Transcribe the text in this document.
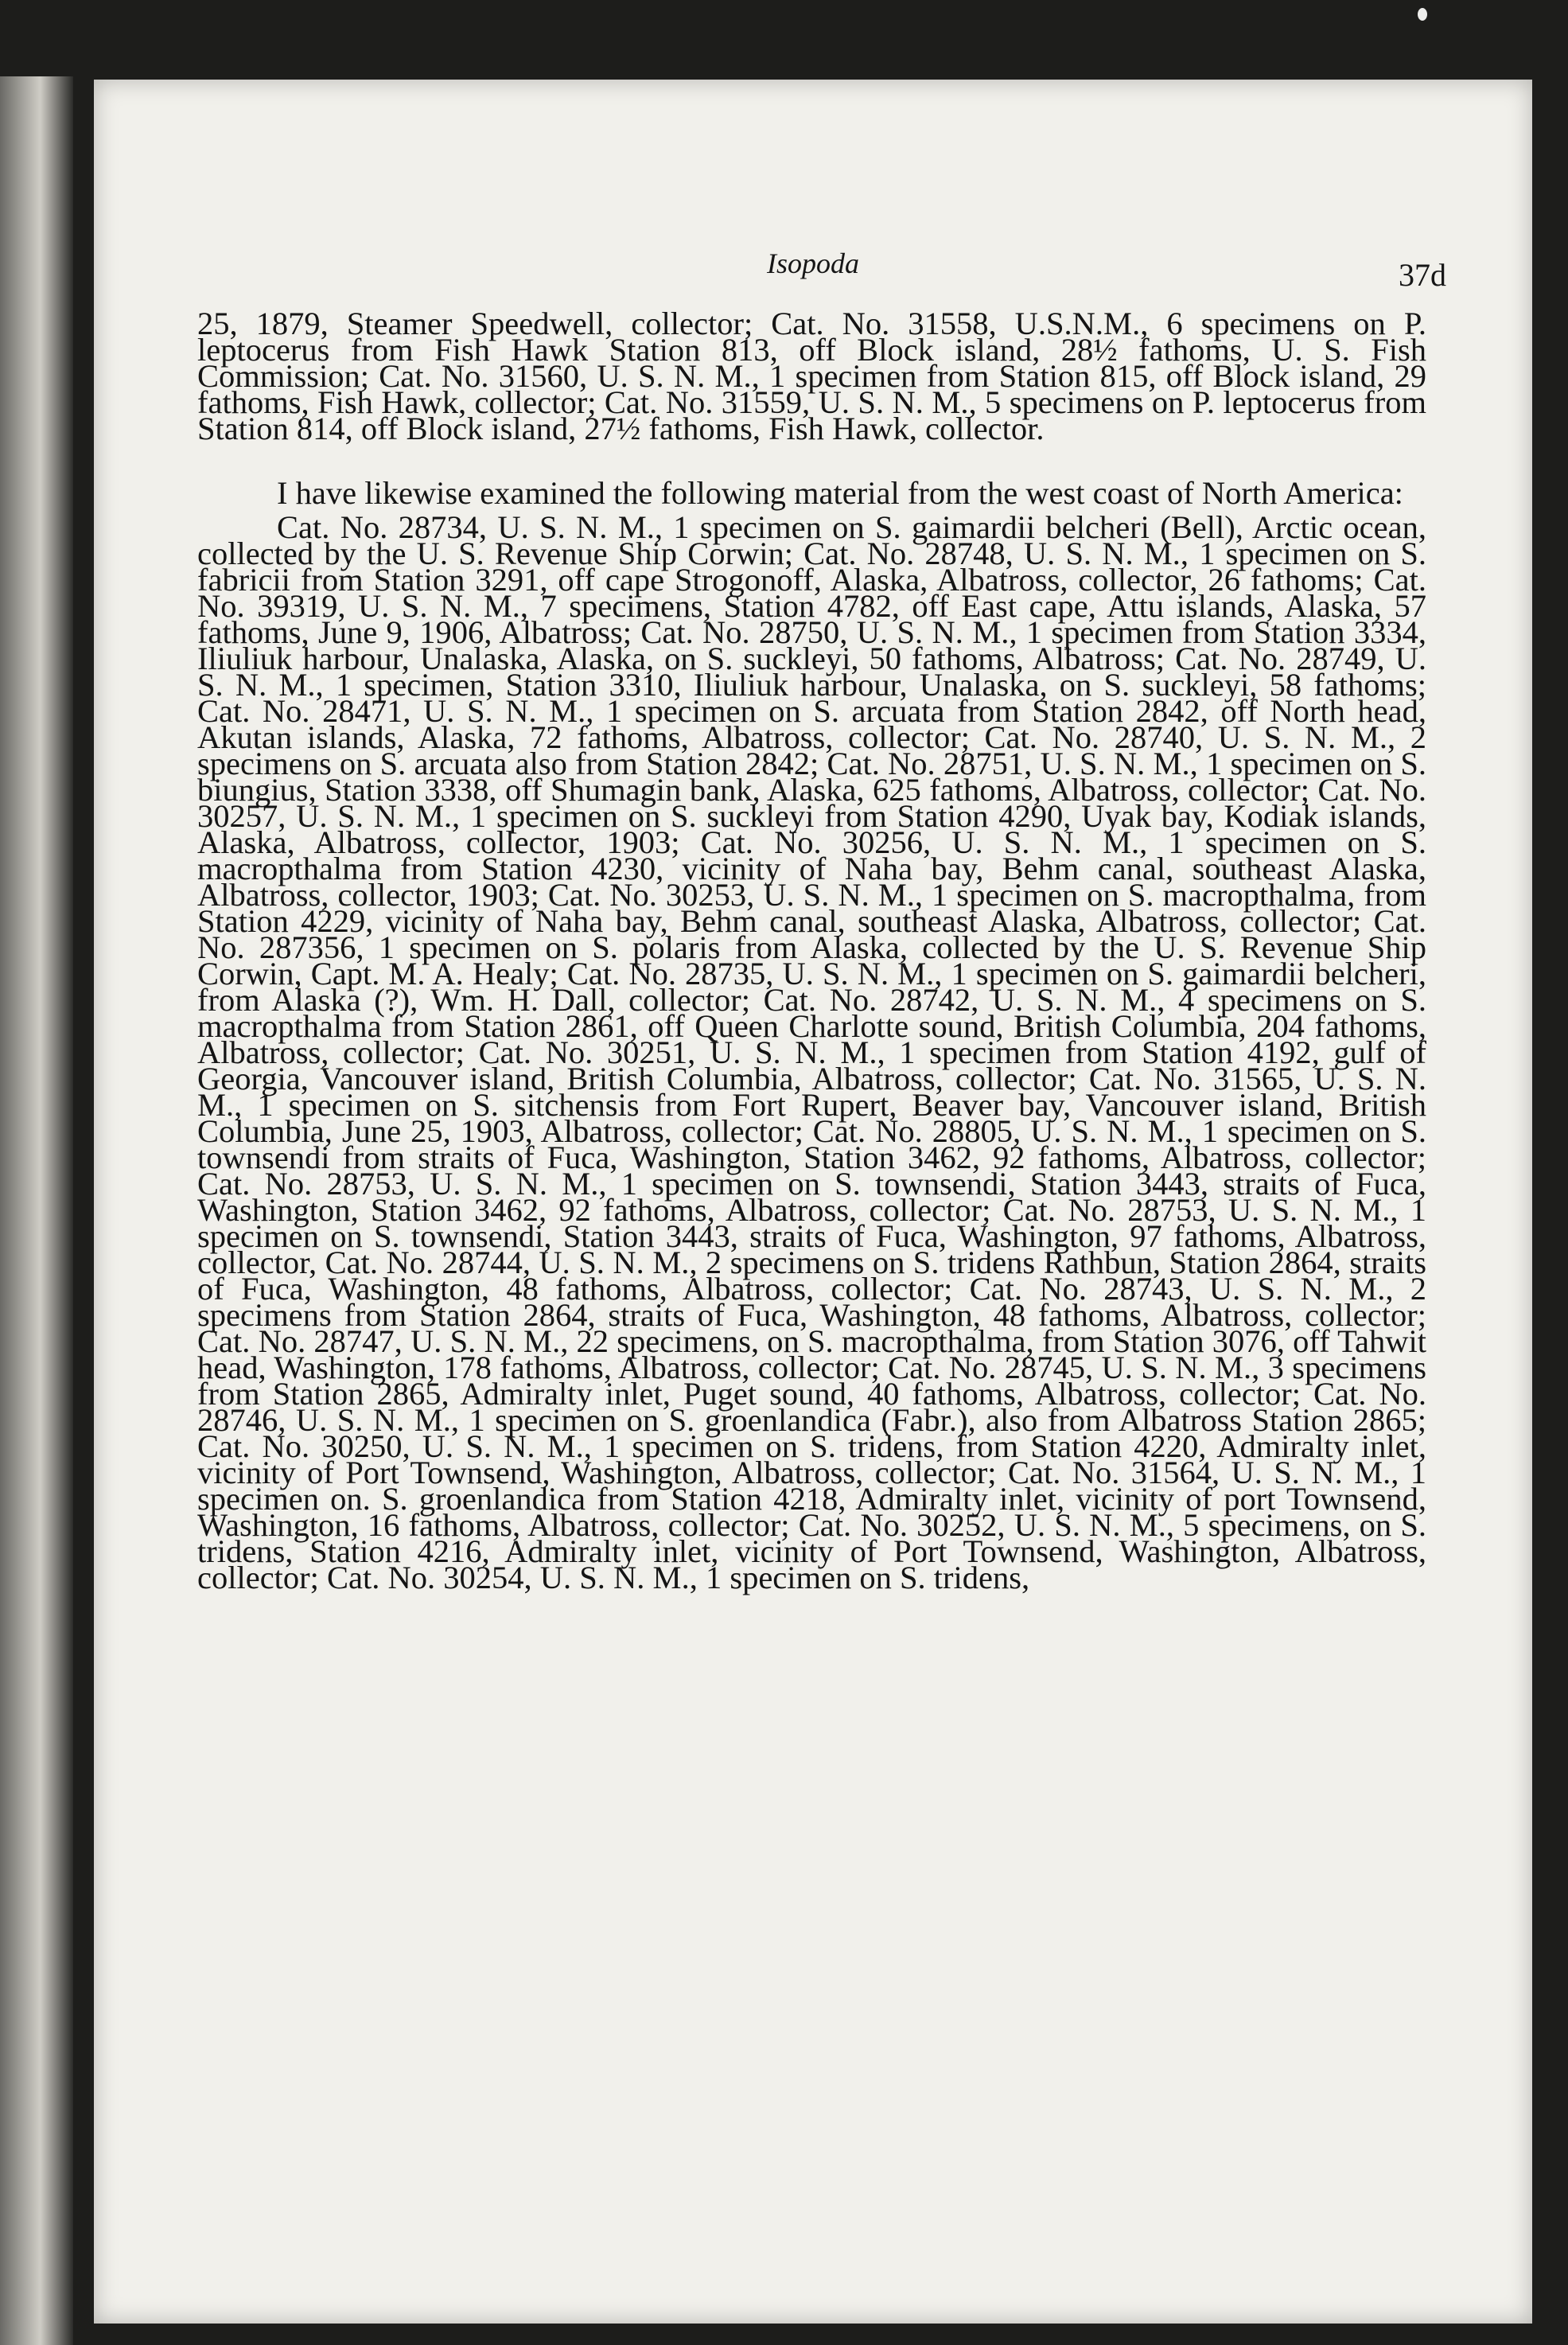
Isopoda	37d

25, 1879, Steamer Speedwell, collector; Cat. No. 31558, U.S.N.M., 6 specimens on P. leptocerus from Fish Hawk Station 813, off Block island, 28½ fathoms, U. S. Fish Commission; Cat. No. 31560, U. S. N. M., 1 specimen from Station 815, off Block island, 29 fathoms, Fish Hawk, collector; Cat. No. 31559, U. S. N. M., 5 specimens on P. leptocerus from Station 814, off Block island, 27½ fathoms, Fish Hawk, collector.

I have likewise examined the following material from the west coast of North America:

Cat. No. 28734, U. S. N. M., 1 specimen on S. gaimardii belcheri (Bell), Arctic ocean, collected by the U. S. Revenue Ship Corwin; Cat. No. 28748, U. S. N. M., 1 specimen on S. fabricii from Station 3291, off cape Strogonoff, Alaska, Albatross, collector, 26 fathoms; Cat. No. 39319, U. S. N. M., 7 specimens, Station 4782, off East cape, Attu islands, Alaska, 57 fathoms, June 9, 1906, Albatross; Cat. No. 28750, U. S. N. M., 1 specimen from Station 3334, Iliuliuk harbour, Unalaska, Alaska, on S. suckleyi, 50 fathoms, Albatross; Cat. No. 28749, U. S. N. M., 1 specimen, Station 3310, Iliuliuk harbour, Unalaska, on S. suckleyi, 58 fathoms; Cat. No. 28471, U. S. N. M., 1 specimen on S. arcuata from Station 2842, off North head, Akutan islands, Alaska, 72 fathoms, Albatross, collector; Cat. No. 28740, U. S. N. M., 2 specimens on S. arcuata also from Station 2842; Cat. No. 28751, U. S. N. M., 1 specimen on S. biungius, Station 3338, off Shumagin bank, Alaska, 625 fathoms, Albatross, collector; Cat. No. 30257, U. S. N. M., 1 specimen on S. suckleyi from Station 4290, Uyak bay, Kodiak islands, Alaska, Albatross, collector, 1903; Cat. No. 30256, U. S. N. M., 1 specimen on S. macropthalma from Station 4230, vicinity of Naha bay, Behm canal, southeast Alaska, Albatross, collector, 1903; Cat. No. 30253, U. S. N. M., 1 specimen on S. macropthalma, from Station 4229, vicinity of Naha bay, Behm canal, southeast Alaska, Albatross, collector; Cat. No. 287356, 1 specimen on S. polaris from Alaska, collected by the U. S. Revenue Ship Corwin, Capt. M. A. Healy; Cat. No. 28735, U. S. N. M., 1 specimen on S. gaimardii belcheri, from Alaska (?), Wm. H. Dall, collector; Cat. No. 28742, U. S. N. M., 4 specimens on S. macropthalma from Station 2861, off Queen Charlotte sound, British Columbia, 204 fathoms, Albatross, collector; Cat. No. 30251, U. S. N. M., 1 specimen from Station 4192, gulf of Georgia, Vancouver island, British Columbia, Albatross, collector; Cat. No. 31565, U. S. N. M., 1 specimen on S. sitchensis from Fort Rupert, Beaver bay, Vancouver island, British Columbia, June 25, 1903, Albatross, collector; Cat. No. 28805, U. S. N. M., 1 specimen on S. townsendi from straits of Fuca, Washington, Station 3462, 92 fathoms, Albatross, collector; Cat. No. 28753, U. S. N. M., 1 specimen on S. townsendi, Station 3443, straits of Fuca, Washington, Station 3462, 92 fathoms, Albatross, collector; Cat. No. 28753, U. S. N. M., 1 specimen on S. townsendi, Station 3443, straits of Fuca, Washington, 97 fathoms, Albatross, collector, Cat. No. 28744, U. S. N. M., 2 specimens on S. tridens Rathbun, Station 2864, straits of Fuca, Washington, 48 fathoms, Albatross, collector; Cat. No. 28743, U. S. N. M., 2 specimens from Station 2864, straits of Fuca, Washington, 48 fathoms, Albatross, collector; Cat. No. 28747, U. S. N. M., 22 specimens, on S. macropthalma, from Station 3076, off Tahwit head, Washington, 178 fathoms, Albatross, collector; Cat. No. 28745, U. S. N. M., 3 specimens from Station 2865, Admiralty inlet, Puget sound, 40 fathoms, Albatross, collector; Cat. No. 28746, U. S. N. M., 1 specimen on S. groenlandica (Fabr.), also from Albatross Station 2865; Cat. No. 30250, U. S. N. M., 1 specimen on S. tridens, from Station 4220, Admiralty inlet, vicinity of Port Townsend, Washington, Albatross, collector; Cat. No. 31564, U. S. N. M., 1 specimen on. S. groenlandica from Station 4218, Admiralty inlet, vicinity of port Townsend, Washington, 16 fathoms, Albatross, collector; Cat. No. 30252, U. S. N. M., 5 specimens, on S. tridens, Station 4216, Admiralty inlet, vicinity of Port Townsend, Washington, Albatross, collector; Cat. No. 30254, U. S. N. M., 1 specimen on S. tridens,
